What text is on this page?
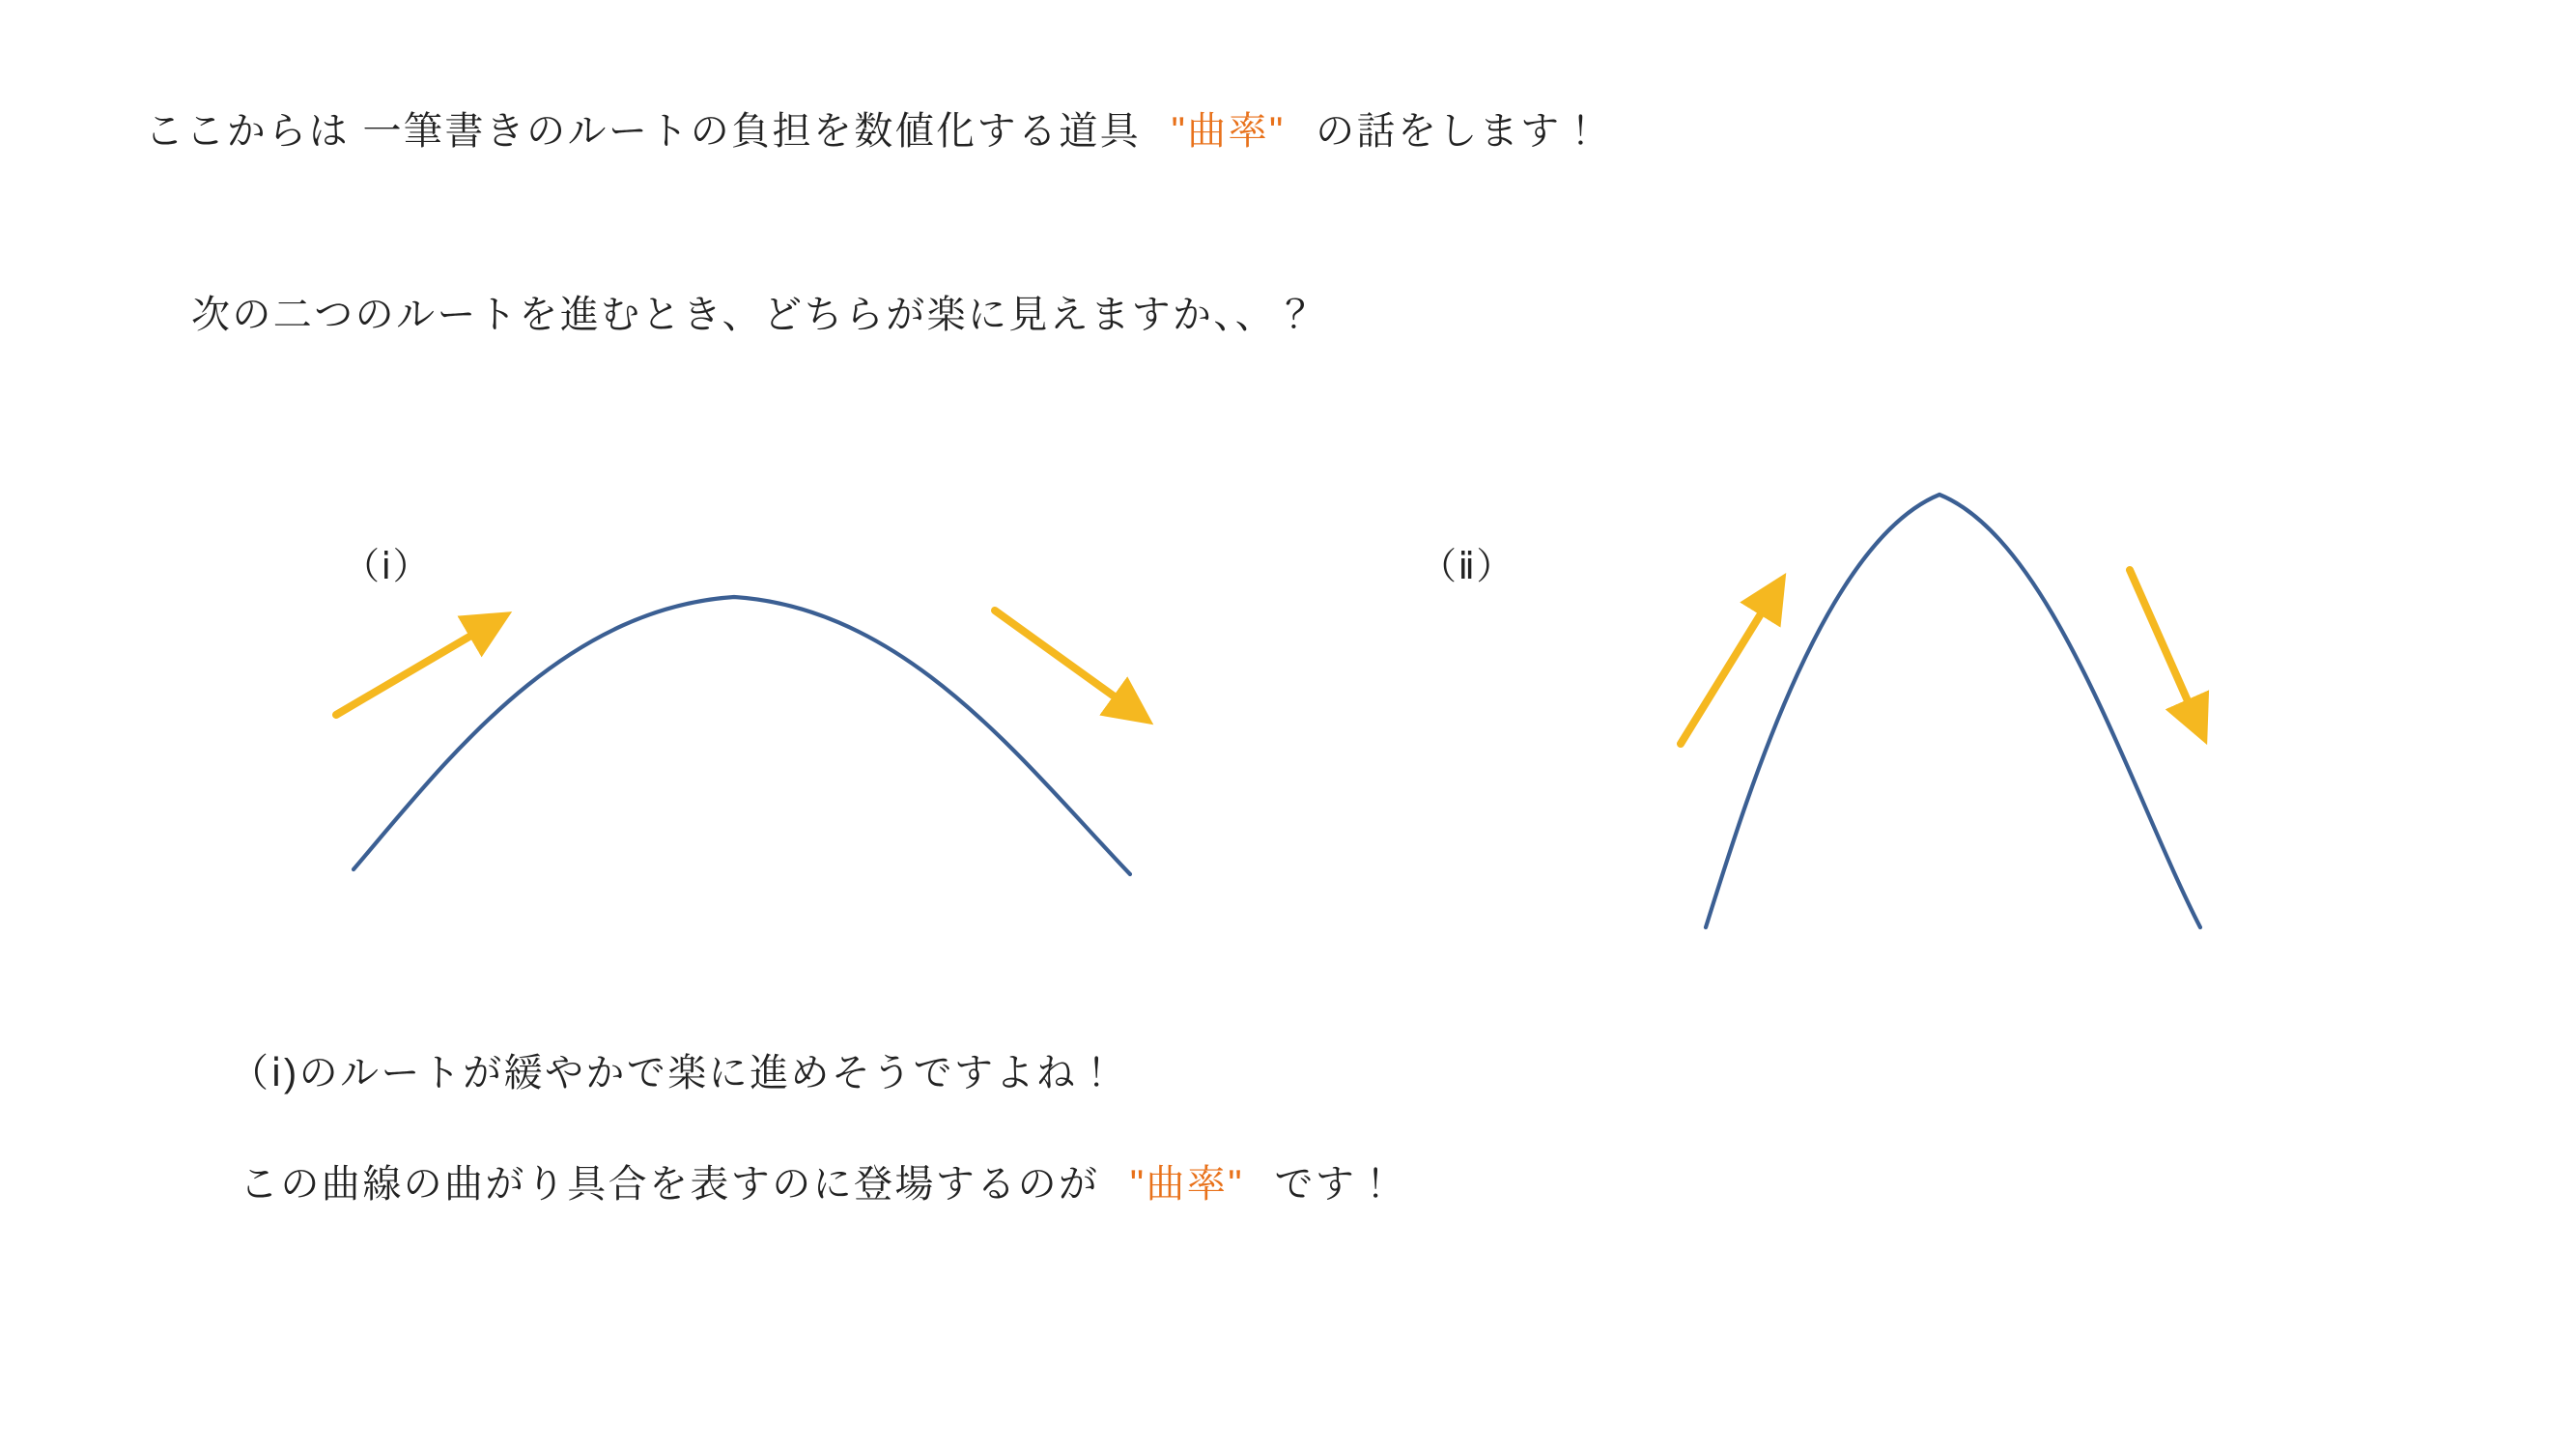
ここからは 一筆書きのルートの負担を数値化する道具 "曲率" の話をします！
次の二つのルートを進むとき、どちらが楽に見えますか、、？
（ⅰ）	（ⅱ）
（ⅰ)のルートが緩やかで楽に進めそうですよね！
この曲線の曲がり具合を表すのに登場するのが "曲率" です！
